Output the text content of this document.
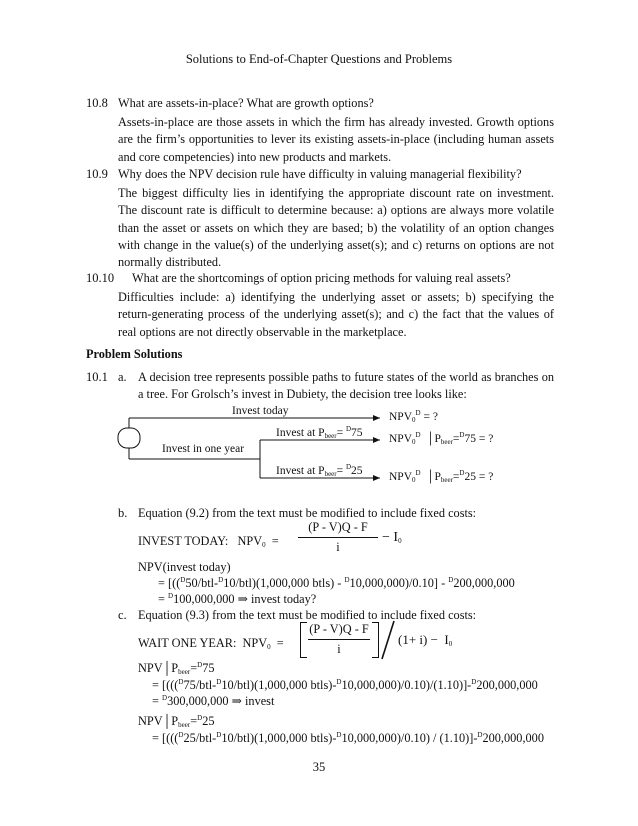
Solutions to End-of-Chapter Questions and Problems
10.8 What are assets-in-place? What are growth options?
Assets-in-place are those assets in which the firm has already invested. Growth options are the firm’s opportunities to lever its existing assets-in-place (including human assets and core competencies) into new products and markets.
10.9 Why does the NPV decision rule have difficulty in valuing managerial flexibility?
The biggest difficulty lies in identifying the appropriate discount rate on investment. The discount rate is difficult to determine because: a) options are always more volatile than the asset or assets on which they are based; b) the volatility of an option changes with change in the value(s) of the underlying asset(s); and c) returns on options are not normally distributed.
10.10	What are the shortcomings of option pricing methods for valuing real assets?
Difficulties include: a) identifying the underlying asset or assets; b) specifying the return-generating process of the underlying asset(s); and c) the fact that the values of real options are not directly observable in the marketplace.
Problem Solutions
10.1 a. A decision tree represents possible paths to future states of the world as branches on a tree. For Grolsch’s invest in Dubiety, the decision tree looks like:
Invest today
Invest in one year
Invest at $P_{beer}= ^D75$
Invest at $P_{beer}= ^D25$
$NPV_0^D$ = ?
$NPV_0^D$  $│P_{beer}=^D75$ = ?
$NPV_0^D$  $│P_{beer}=^D25$ = ?
b. Equation (9.2) from the text must be modified to include fixed costs:
INVEST TODAY:   $NPV_0$  =
(P - V)Q - F
i
− $I_0$
NPV(invest today)
= [(($^D$50/btl-$^D$10/btl)(1,000,000 btls) - $^D$10,000,000)/0.10] - $^D$200,000,000
= $^D$100,000,000 ⇒ invest today?
c. Equation (9.3) from the text must be modified to include fixed costs:
WAIT ONE YEAR:  $NPV_0$  =
(P - V)Q - F
i
$(1+ i) - I_0$
$NPV│P_{beer}=^D75$
= [((($^D$75/btl-$^D$10/btl)(1,000,000 btls)-$^D$10,000,000)/0.10)/(1.10)]-$^D$200,000,000
= $^D$300,000,000 ⇒ invest
$NPV│P_{beer}=^D25$
= [((($^D$25/btl-$^D$10/btl)(1,000,000 btls)-$^D$10,000,000)/0.10) / (1.10)]-$^D$200,000,000
35
